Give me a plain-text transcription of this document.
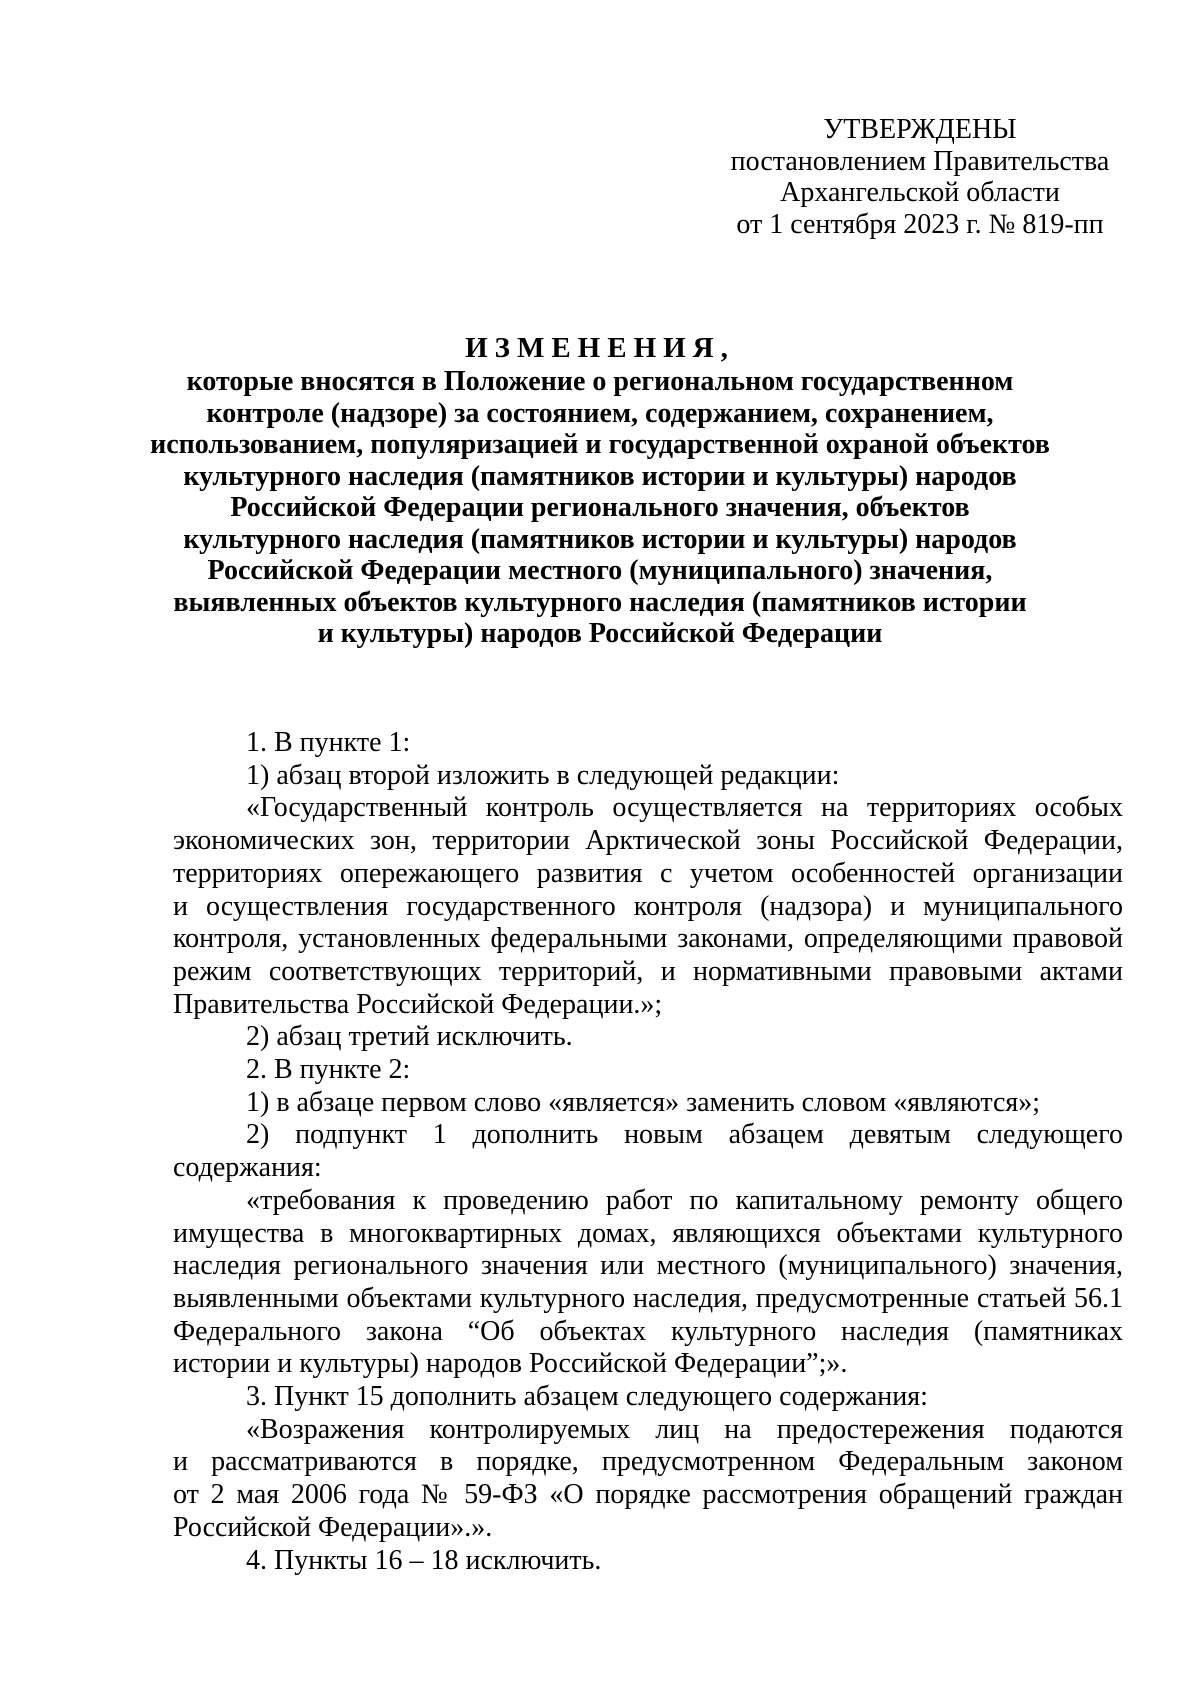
УТВЕРЖДЕНЫ
постановлением Правительства
Архангельской области
от 1 сентября 2023 г. № 819-пп
ИЗМЕНЕНИЯ,
которые вносятся в Положение о региональном государственном
контроле (надзоре) за состоянием, содержанием, сохранением,
использованием, популяризацией и государственной охраной объектов
культурного наследия (памятников истории и культуры) народов
Российской Федерации регионального значения, объектов
культурного наследия (памятников истории и культуры) народов
Российской Федерации местного (муниципального) значения,
выявленных объектов культурного наследия (памятников истории
и культуры) народов Российской Федерации
1. В пункте 1:
1) абзац второй изложить в следующей редакции:
«Государственный контроль осуществляется на территориях особых
экономических зон, территории Арктической зоны Российской Федерации,
территориях опережающего развития с учетом особенностей организации
и осуществления государственного контроля (надзора) и муниципального
контроля, установленных федеральными законами, определяющими правовой
режим соответствующих территорий, и нормативными правовыми актами
Правительства Российской Федерации.»;
2) абзац третий исключить.
2. В пункте 2:
1) в абзаце первом слово «является» заменить словом «являются»;
2) подпункт 1 дополнить новым абзацем девятым следующего содержания:
«требования к проведению работ по капитальному ремонту общего
имущества в многоквартирных домах, являющихся объектами культурного
наследия регионального значения или местного (муниципального) значения,
выявленными объектами культурного наследия, предусмотренные статьей 56.1
Федерального закона “Об объектах культурного наследия (памятниках
истории и культуры) народов Российской Федерации”;».
3. Пункт 15 дополнить абзацем следующего содержания:
«Возражения контролируемых лиц на предостережения подаются
и рассматриваются в порядке, предусмотренном Федеральным законом
от 2 мая 2006 года № 59-ФЗ «О порядке рассмотрения обращений граждан
Российской Федерации».».
4. Пункты 16 – 18 исключить.
